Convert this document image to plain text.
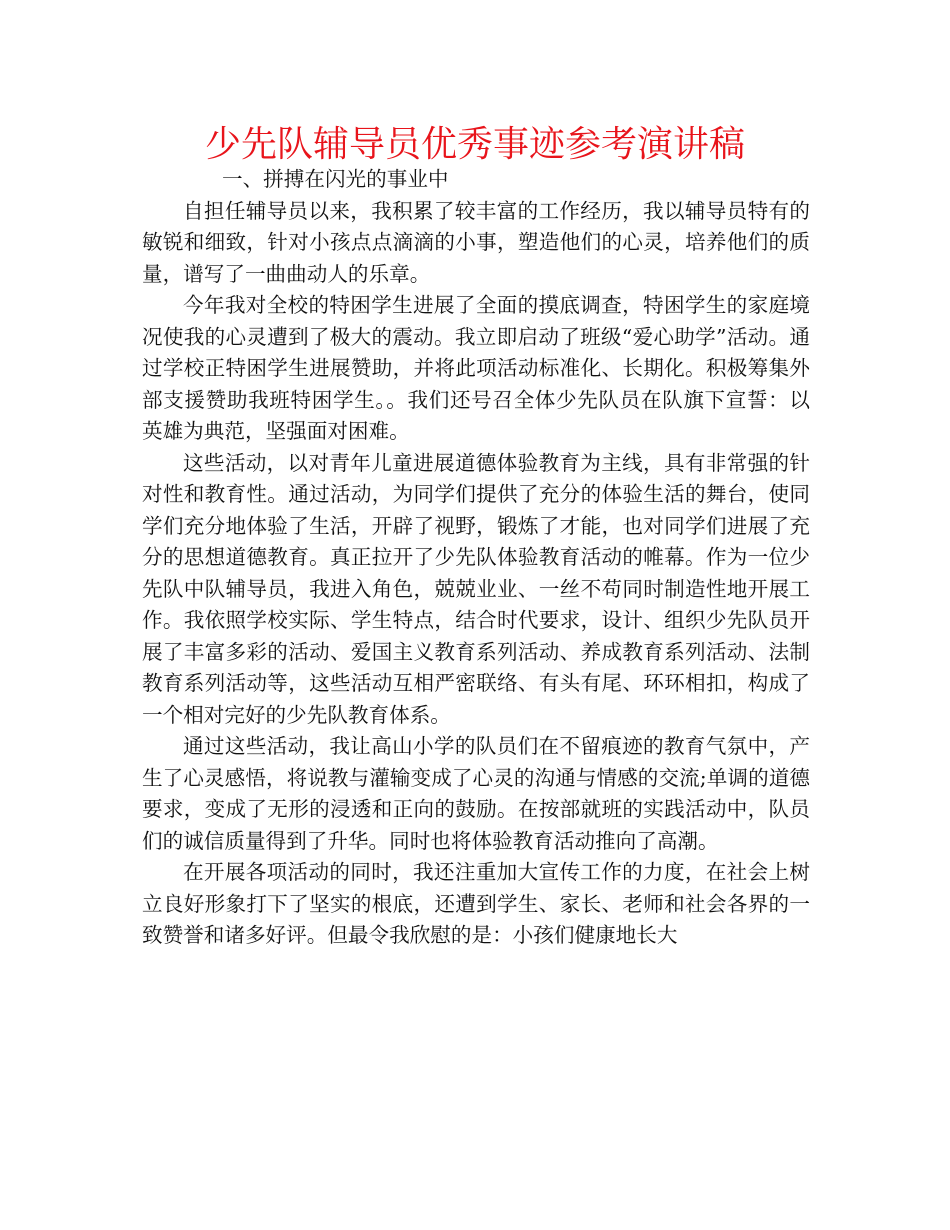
少先队辅导员优秀事迹参考演讲稿

一、拼搏在闪光的事业中

自担任辅导员以来，我积累了较丰富的工作经历，我以辅导员特有的敏锐和细致，针对小孩点点滴滴的小事，塑造他们的心灵，培养他们的质量，谱写了一曲曲动人的乐章。

今年我对全校的特困学生进展了全面的摸底调查，特困学生的家庭境况使我的心灵遭到了极大的震动。我立即启动了班级“爱心助学”活动。通过学校正特困学生进展赞助，并将此项活动标准化、长期化。积极筹集外部支援赞助我班特困学生。。我们还号召全体少先队员在队旗下宣誓：以英雄为典范，坚强面对困难。

这些活动，以对青年儿童进展道德体验教育为主线，具有非常强的针对性和教育性。通过活动，为同学们提供了充分的体验生活的舞台，使同学们充分地体验了生活，开辟了视野，锻炼了才能，也对同学们进展了充分的思想道德教育。真正拉开了少先队体验教育活动的帷幕。作为一位少先队中队辅导员，我进入角色，兢兢业业、一丝不苟同时制造性地开展工作。我依照学校实际、学生特点，结合时代要求，设计、组织少先队员开展了丰富多彩的活动、爱国主义教育系列活动、养成教育系列活动、法制教育系列活动等，这些活动互相严密联络、有头有尾、环环相扣，构成了一个相对完好的少先队教育体系。

通过这些活动，我让高山小学的队员们在不留痕迹的教育气氛中，产生了心灵感悟，将说教与灌输变成了心灵的沟通与情感的交流;单调的道德要求，变成了无形的浸透和正向的鼓励。在按部就班的实践活动中，队员们的诚信质量得到了升华。同时也将体验教育活动推向了高潮。

在开展各项活动的同时，我还注重加大宣传工作的力度，在社会上树立良好形象打下了坚实的根底，还遭到学生、家长、老师和社会各界的一致赞誉和诸多好评。但最令我欣慰的是：小孩们健康地长大
